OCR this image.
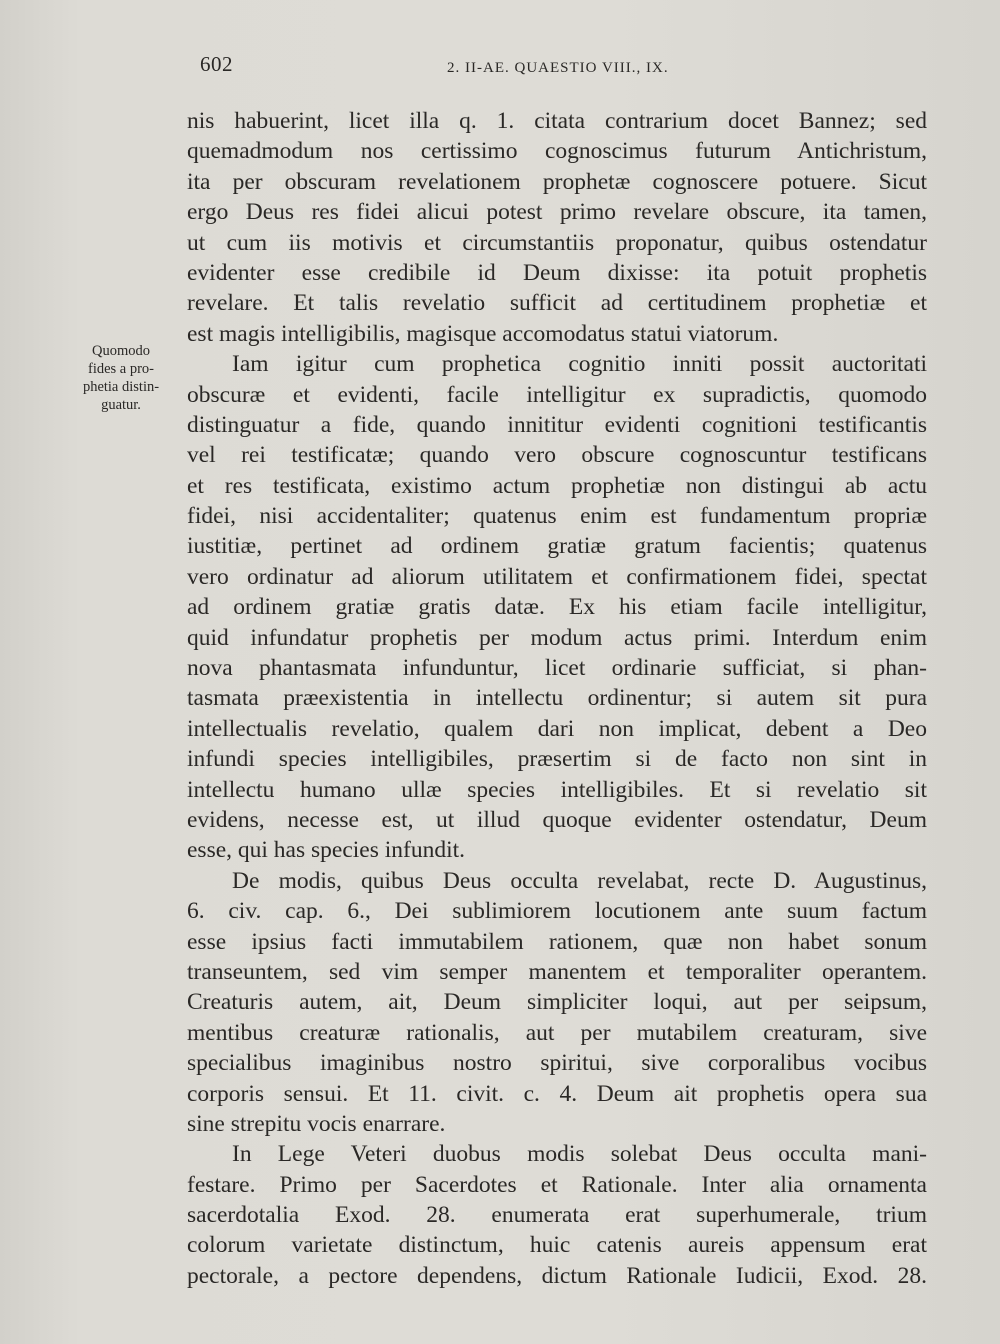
602	2. II-AE. QUAESTIO VIII., IX.
Quomodo
fides a pro-
phetia distin-
guatur.
nis habuerint, licet illa q. 1. citata contrarium docet Bannez; sed
quemadmodum nos certissimo cognoscimus futurum Antichristum,
ita per obscuram revelationem prophetæ cognoscere potuere. Sicut
ergo Deus res fidei alicui potest primo revelare obscure, ita tamen,
ut cum iis motivis et circumstantiis proponatur, quibus ostendatur
evidenter esse credibile id Deum dixisse: ita potuit prophetis
revelare. Et talis revelatio sufficit ad certitudinem prophetiæ et
est magis intelligibilis, magisque accomodatus statui viatorum.
Iam igitur cum prophetica cognitio inniti possit auctoritati
obscuræ et evidenti, facile intelligitur ex supradictis, quomodo
distinguatur a fide, quando innititur evidenti cognitioni testificantis
vel rei testificatæ; quando vero obscure cognoscuntur testificans
et res testificata, existimo actum prophetiæ non distingui ab actu
fidei, nisi accidentaliter; quatenus enim est fundamentum propriæ
iustitiæ, pertinet ad ordinem gratiæ gratum facientis; quatenus
vero ordinatur ad aliorum utilitatem et confirmationem fidei, spectat
ad ordinem gratiæ gratis datæ. Ex his etiam facile intelligitur,
quid infundatur prophetis per modum actus primi. Interdum enim
nova phantasmata infunduntur, licet ordinarie sufficiat, si phan-
tasmata præexistentia in intellectu ordinentur; si autem sit pura
intellectualis revelatio, qualem dari non implicat, debent a Deo
infundi species intelligibiles, præsertim si de facto non sint in
intellectu humano ullæ species intelligibiles. Et si revelatio sit
evidens, necesse est, ut illud quoque evidenter ostendatur, Deum
esse, qui has species infundit.
De modis, quibus Deus occulta revelabat, recte D. Augustinus,
6. civ. cap. 6., Dei sublimiorem locutionem ante suum factum
esse ipsius facti immutabilem rationem, quæ non habet sonum
transeuntem, sed vim semper manentem et temporaliter operantem.
Creaturis autem, ait, Deum simpliciter loqui, aut per seipsum,
mentibus creaturæ rationalis, aut per mutabilem creaturam, sive
specialibus imaginibus nostro spiritui, sive corporalibus vocibus
corporis sensui. Et 11. civit. c. 4. Deum ait prophetis opera sua
sine strepitu vocis enarrare.
In Lege Veteri duobus modis solebat Deus occulta mani-
festare. Primo per Sacerdotes et Rationale. Inter alia ornamenta
sacerdotalia Exod. 28. enumerata erat superhumerale, trium
colorum varietate distinctum, huic catenis aureis appensum erat
pectorale, a pectore dependens, dictum Rationale Iudicii, Exod. 28.
